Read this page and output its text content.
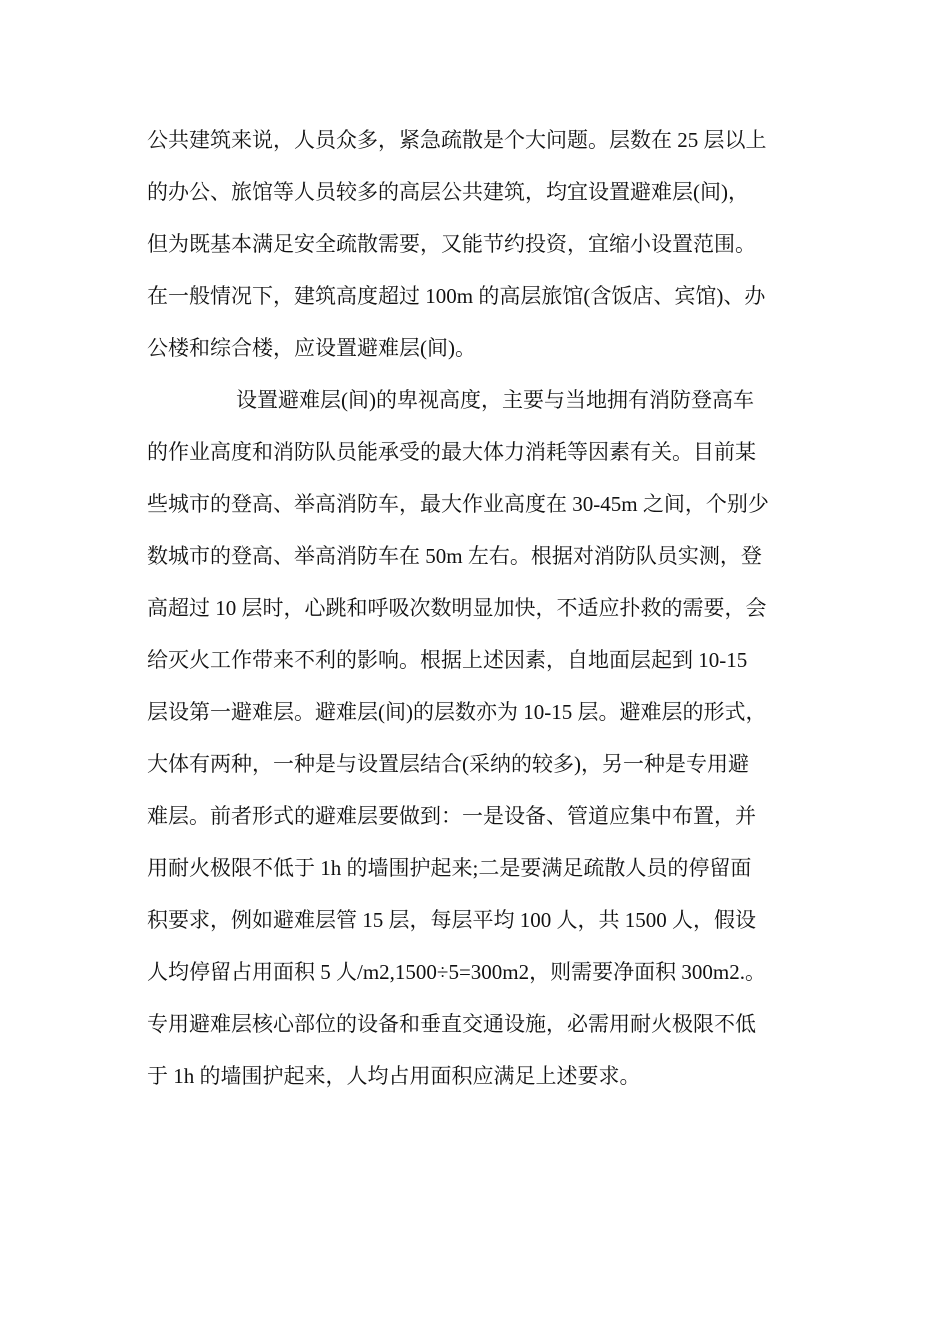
公共建筑来说，人员众多，紧急疏散是个大问题。层数在 25 层以上
的办公、旅馆等人员较多的高层公共建筑，均宜设置避难层(间)，
但为既基本满足安全疏散需要，又能节约投资，宜缩小设置范围。
在一般情况下，建筑高度超过 100m 的高层旅馆(含饭店、宾馆)、办
公楼和综合楼，应设置避难层(间)。
设置避难层(间)的卑视高度，主要与当地拥有消防登高车
的作业高度和消防队员能承受的最大体力消耗等因素有关。目前某
些城市的登高、举高消防车，最大作业高度在 30-45m 之间，个别少
数城市的登高、举高消防车在 50m 左右。根据对消防队员实测，登
高超过 10 层时，心跳和呼吸次数明显加快，不适应扑救的需要，会
给灭火工作带来不利的影响。根据上述因素，自地面层起到 10-15
层设第一避难层。避难层(间)的层数亦为 10-15 层。避难层的形式，
大体有两种，一种是与设置层结合(采纳的较多)，另一种是专用避
难层。前者形式的避难层要做到：一是设备、管道应集中布置，并
用耐火极限不低于 1h 的墙围护起来;二是要满足疏散人员的停留面
积要求，例如避难层管 15 层，每层平均 100 人，共 1500 人，假设
人均停留占用面积 5 人/m2,1500÷5=300m2，则需要净面积 300m2.。
专用避难层核心部位的设备和垂直交通设施，必需用耐火极限不低
于 1h 的墙围护起来，人均占用面积应满足上述要求。
